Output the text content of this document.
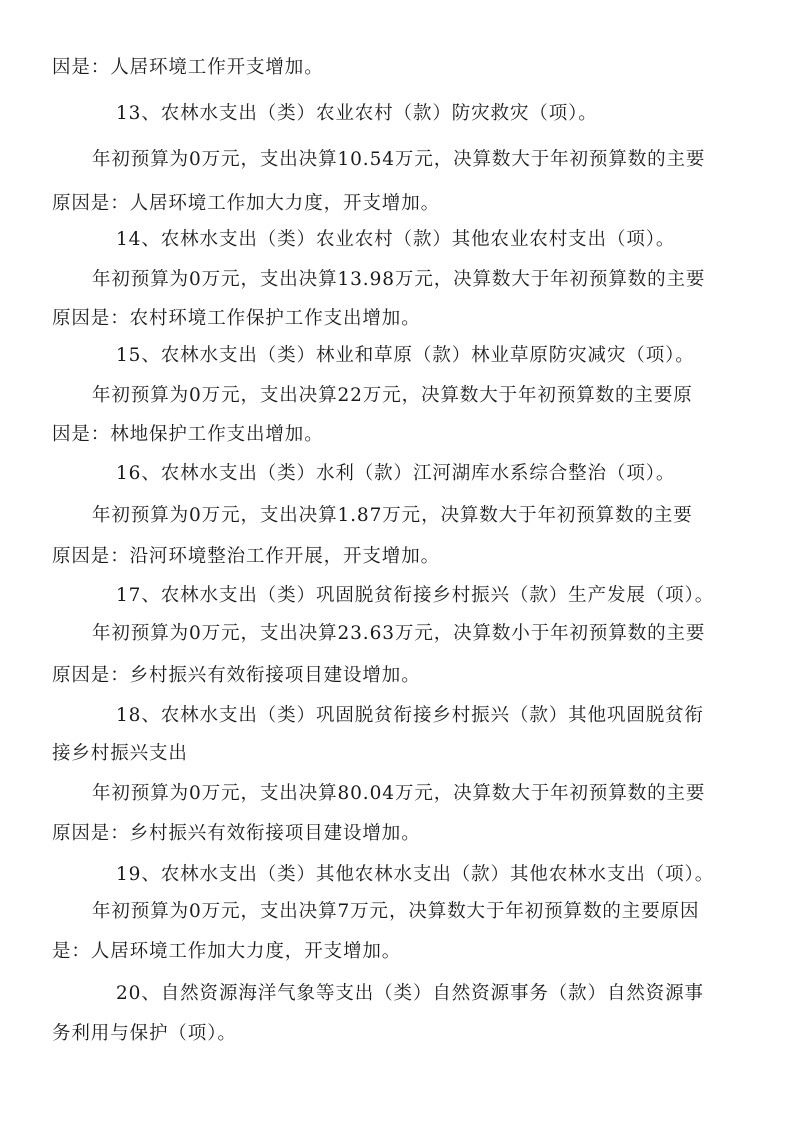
因是：人居环境工作开支增加。
13、农林水支出（类）农业农村（款）防灾救灾（项）。
年初预算为0万元，支出决算10.54万元，决算数大于年初预算数的主要
原因是：人居环境工作加大力度，开支增加。
14、农林水支出（类）农业农村（款）其他农业农村支出（项）。
年初预算为0万元，支出决算13.98万元，决算数大于年初预算数的主要
原因是：农村环境工作保护工作支出增加。
15、农林水支出（类）林业和草原（款）林业草原防灾减灾（项）。
年初预算为0万元，支出决算22万元，决算数大于年初预算数的主要原
因是：林地保护工作支出增加。
16、农林水支出（类）水利（款）江河湖库水系综合整治（项）。
年初预算为0万元，支出决算1.87万元，决算数大于年初预算数的主要
原因是：沿河环境整治工作开展，开支增加。
17、农林水支出（类）巩固脱贫衔接乡村振兴（款）生产发展（项）。
年初预算为0万元，支出决算23.63万元，决算数小于年初预算数的主要
原因是：乡村振兴有效衔接项目建设增加。
18、农林水支出（类）巩固脱贫衔接乡村振兴（款）其他巩固脱贫衔
接乡村振兴支出
年初预算为0万元，支出决算80.04万元，决算数大于年初预算数的主要
原因是：乡村振兴有效衔接项目建设增加。
19、农林水支出（类）其他农林水支出（款）其他农林水支出（项）。
年初预算为0万元，支出决算7万元，决算数大于年初预算数的主要原因
是：人居环境工作加大力度，开支增加。
20、自然资源海洋气象等支出（类）自然资源事务（款）自然资源事
务利用与保护（项）。
